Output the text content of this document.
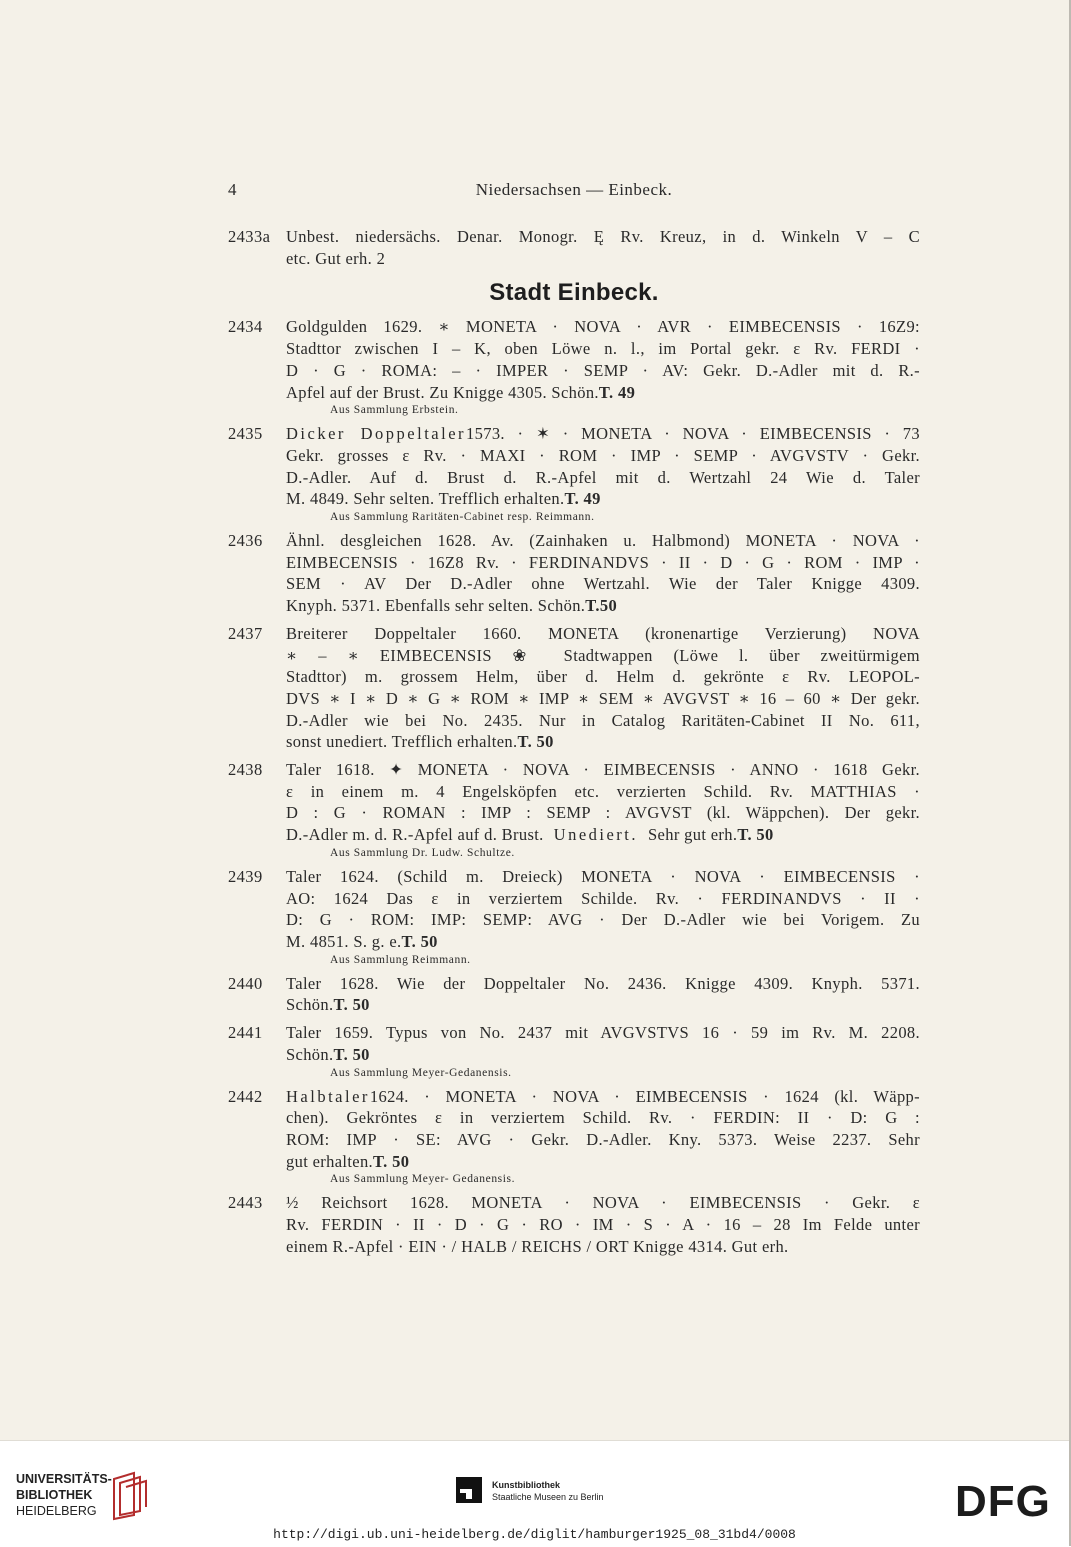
4	Niedersachsen — Einbeck.
2433a Unbest. niedersächs. Denar. Monogr. Ę Rv. Kreuz, in d. Winkeln V – C
etc. Gut erh. 2
Stadt Einbeck.
2434	Goldgulden 1629. ∗ MONETA · NOVA · AVR · EIMBECENSIS · 16Z9:
Stadttor zwischen I – K, oben Löwe n. l., im Portal gekr. ε Rv. FERDI ·
D · G · ROMA: – · IMPER · SEMP · AV: Gekr. D.-Adler mit d. R.-
Apfel auf der Brust. Zu Knigge 4305. Schön.T. 49
Aus Sammlung Erbstein.
2435	Dicker Doppeltaler1573. · ✶ · MONETA · NOVA · EIMBECENSIS · 73
Gekr. grosses ε Rv. · MAXI · ROM · IMP · SEMP · AVGVSTV · Gekr.
D.-Adler. Auf d. Brust d. R.-Apfel mit d. Wertzahl 24 Wie d. Taler
M. 4849. Sehr selten. Trefflich erhalten.T. 49
Aus Sammlung Raritäten-Cabinet resp. Reimmann.
2436	Ähnl. desgleichen 1628. Av. (Zainhaken u. Halbmond) MONETA · NOVA ·
EIMBECENSIS · 16Z8 Rv. · FERDINANDVS · II · D · G · ROM · IMP ·
SEM · AV Der D.-Adler ohne Wertzahl. Wie der Taler Knigge 4309.
Knyph. 5371. Ebenfalls sehr selten. Schön.T.50
2437	Breiterer Doppeltaler 1660. MONETA (kronenartige Verzierung) NOVA
∗ – ∗ EIMBECENSIS ❀ Stadtwappen (Löwe l. über zweitürmigem
Stadttor) m. grossem Helm, über d. Helm d. gekrönte ε Rv. LEOPOL-
DVS ∗ I ∗ D ∗ G ∗ ROM ∗ IMP ∗ SEM ∗ AVGVST ∗ 16 – 60 ∗ Der gekr.
D.-Adler wie bei No. 2435. Nur in Catalog Raritäten-Cabinet II No. 611,
sonst unediert. Trefflich erhalten.T. 50
2438	Taler 1618. ✦ MONETA · NOVA · EIMBECENSIS · ANNO · 1618 Gekr.
ε in einem m. 4 Engelsköpfen etc. verzierten Schild. Rv. MATTHIAS ·
D : G · ROMAN : IMP : SEMP : AVGVST (kl. Wäppchen). Der gekr.
D.-Adler m. d. R.-Apfel auf d. Brust. Unediert. Sehr gut erh.T. 50
Aus Sammlung Dr. Ludw. Schultze.
2439	Taler 1624. (Schild m. Dreieck) MONETA · NOVA · EIMBECENSIS ·
AO: 1624 Das ε in verziertem Schilde. Rv. · FERDINANDVS · II ·
D: G · ROM: IMP: SEMP: AVG · Der D.-Adler wie bei Vorigem. Zu
M. 4851. S. g. e.T. 50
Aus Sammlung Reimmann.
2440	Taler 1628. Wie der Doppeltaler No. 2436. Knigge 4309. Knyph. 5371.
Schön.T. 50
2441	Taler 1659. Typus von No. 2437 mit AVGVSTVS 16 · 59 im Rv. M. 2208.
Schön.T. 50
Aus Sammlung Meyer-Gedanensis.
2442	Halbtaler1624. · MONETA · NOVA · EIMBECENSIS · 1624 (kl. Wäpp-
chen). Gekröntes ε in verziertem Schild. Rv. · FERDIN: II · D: G :
ROM: IMP · SE: AVG · Gekr. D.-Adler. Kny. 5373. Weise 2237. Sehr
gut erhalten.T. 50
Aus Sammlung Meyer- Gedanensis.
2443	½ Reichsort 1628. MONETA · NOVA · EIMBECENSIS · Gekr. ε
Rv. FERDIN · II · D · G · RO · IM · S · A · 16 – 28 Im Felde unter
einem R.-Apfel · EIN · / HALB / REICHS / ORT Knigge 4314. Gut erh.
UNIVERSITÄTS-
BIBLIOTHEK
HEIDELBERG
Kunstbibliothek
Staatliche Museen zu Berlin	DFG
http://digi.ub.uni-heidelberg.de/diglit/hamburger1925_08_31bd4/0008
